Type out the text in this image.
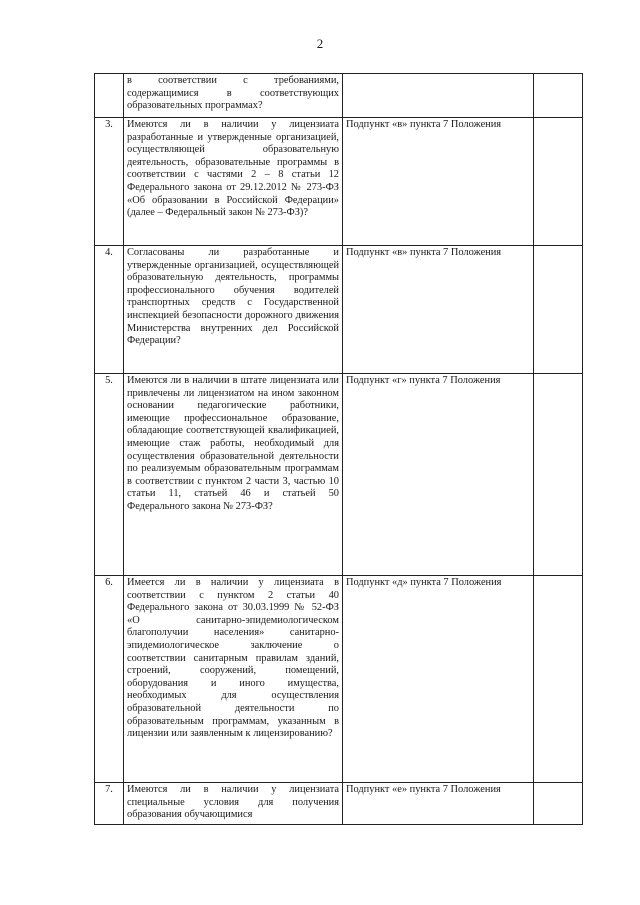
2
	в соответствии с требованиями, содержащимися в соответствующих образовательных программах?		
3.	Имеются ли в наличии у лицензиата разработанные и утвержденные организацией, осуществляющей образовательную деятельность, образовательные программы в соответствии с частями 2 – 8 статьи 12 Федерального закона от 29.12.2012 № 273-ФЗ «Об образовании в Российской Федерации» (далее – Федеральный закон № 273-ФЗ)?	Подпункт «в» пункта 7 Положения	
4.	Согласованы ли разработанные и утвержденные организацией, осуществляющей образовательную деятельность, программы профессионального обучения водителей транспортных средств с Государственной инспекцией безопасности дорожного движения Министерства внутренних дел Российской Федерации?	Подпункт «в» пункта 7 Положения	
5.	Имеются ли в наличии в штате лицензиата или привлечены ли лицензиатом на ином законном основании педагогические работники, имеющие профессиональное образование, обладающие соответствующей квалификацией, имеющие стаж работы, необходимый для осуществления образовательной деятельности по реализуемым образовательным программам в соответствии с пунктом 2 части 3, частью 10 статьи 11, статьей 46 и статьей 50 Федерального закона № 273-ФЗ?	Подпункт «г» пункта 7 Положения	
6.	Имеется ли в наличии у лицензиата в соответствии с пунктом 2 статьи 40 Федерального закона от 30.03.1999 № 52-ФЗ «О санитарно-эпидемиологическом благополучии населения» санитарно-эпидемиологическое заключение о соответствии санитарным правилам зданий, строений, сооружений, помещений, оборудования и иного имущества, необходимых для осуществления образовательной деятельности по образовательным программам, указанным в лицензии или заявленным к лицензированию?	Подпункт «д» пункта 7 Положения	
7.	Имеются ли в наличии у лицензиата специальные условия для получения образования обучающимися	Подпункт «е» пункта 7 Положения	
